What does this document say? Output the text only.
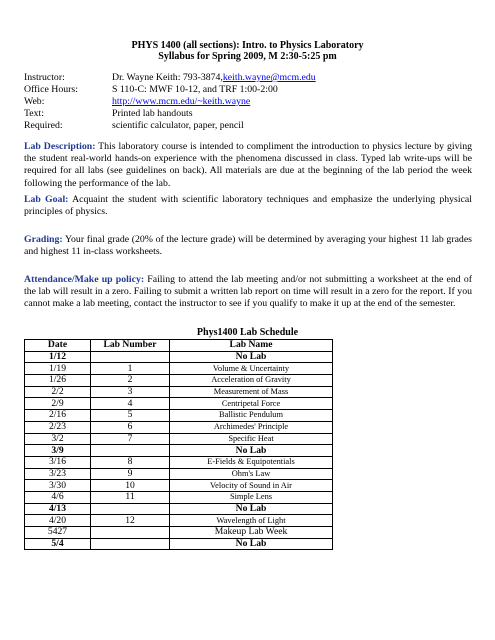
PHYS 1400 (all sections): Intro. to Physics Laboratory
Syllabus for Spring 2009, M 2:30-5:25 pm
Instructor:	Dr. Wayne Keith: 793-3874, keith.wayne@mcm.edu
Office Hours:	S 110-C: MWF 10-12, and TRF 1:00-2:00
Web:	http://www.mcm.edu/~keith.wayne
Text:	Printed lab handouts
Required:	scientific calculator, paper, pencil
Lab Description: This laboratory course is intended to compliment the introduction to physics lecture by giving the student real-world hands-on experience with the phenomena discussed in class. Typed lab write-ups will be required for all labs (see guidelines on back). All materials are due at the beginning of the lab period the week following the performance of the lab.
Lab Goal: Acquaint the student with scientific laboratory techniques and emphasize the underlying physical principles of physics.
Grading: Your final grade (20% of the lecture grade) will be determined by averaging your highest 11 lab grades and highest 11 in-class worksheets.
Attendance/Make up policy: Failing to attend the lab meeting and/or not submitting a worksheet at the end of the lab will result in a zero. Failing to submit a written lab report on time will result in a zero for the report. If you cannot make a lab meeting, contact the instructor to see if you qualify to make it up at the end of the semester.
Phys1400 Lab Schedule
Date	Lab Number	Lab Name
1/12		No Lab
1/19	1	Volume & Uncertainty
1/26	2	Acceleration of Gravity
2/2	3	Measurement of Mass
2/9	4	Centripetal Force
2/16	5	Ballistic Pendulum
2/23	6	Archimedes' Principle
3/2	7	Specific Heat
3/9		No Lab
3/16	8	E-Fields & Equipotentials
3/23	9	Ohm's Law
3/30	10	Velocity of Sound in Air
4/6	11	Simple Lens
4/13		No Lab
4/20	12	Wavelength of Light
5427		Makeup Lab Week
5/4		No Lab
